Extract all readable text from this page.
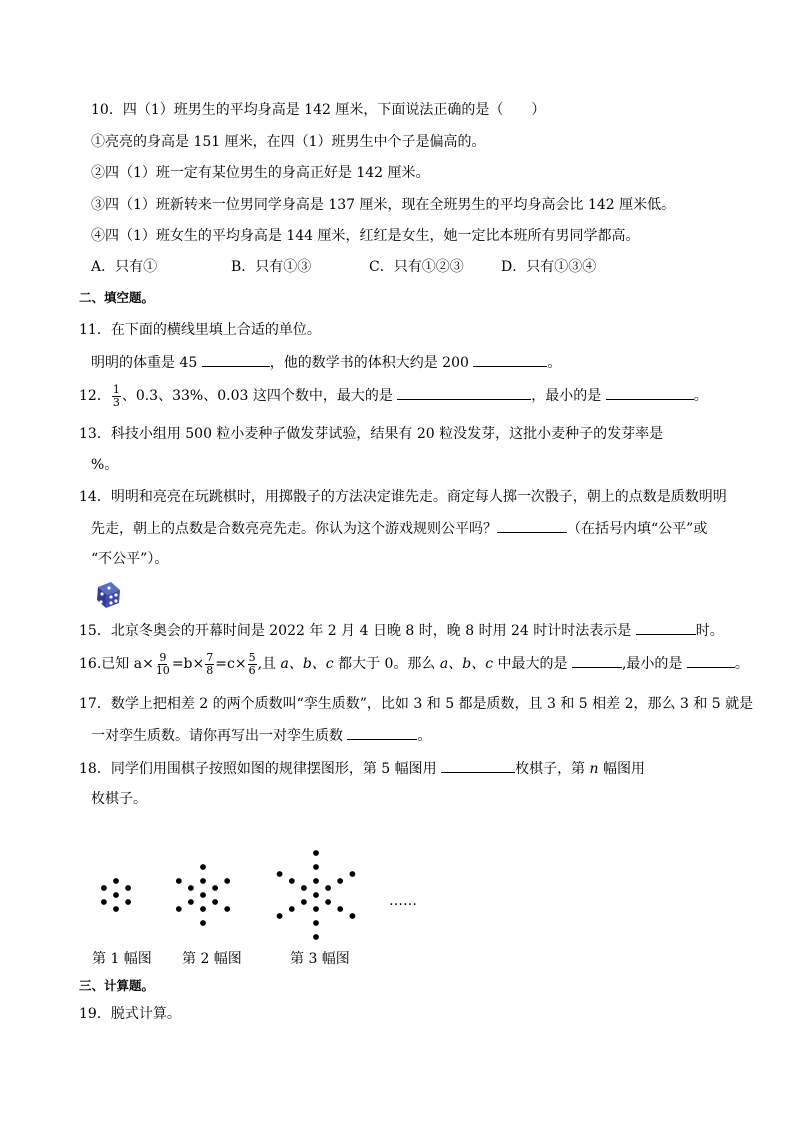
10．四（1）班男生的平均身高是 142 厘米，下面说法正确的是（　　）
①亮亮的身高是 151 厘米，在四（1）班男生中个子是偏高的。
②四（1）班一定有某位男生的身高正好是 142 厘米。
③四（1）班新转来一位男同学身高是 137 厘米，现在全班男生的平均身高会比 142 厘米低。
④四（1）班女生的平均身高是 144 厘米，红红是女生，她一定比本班所有男同学都高。
A．只有①	B．只有①③	C．只有①②③	D．只有①③④
二、填空题。
11．在下面的横线里填上合适的单位。
明明的体重是 45	，他的数学书的体积大约是 200	。
12． $\frac{1}{3}$ 、0.3、33%、0.03 这四个数中，最大的是	，最小的是	。
13．科技小组用 500 粒小麦种子做发芽试验，结果有 20 粒没发芽，这批小麦种子的发芽率是
%。
14．明明和亮亮在玩跳棋时，用掷骰子的方法决定谁先走。商定每人掷一次骰子，朝上的点数是质数明明
先走，朝上的点数是合数亮亮先走。你认为这个游戏规则公平吗？	（在括号内填“公平”或
“不公平”）。
15．北京冬奥会的开幕时间是 2022 年 2 月 4 日晚 8 时，晚 8 时用 24 时计时法表示是	时。
16.已知 $a\times \frac{9}{10} =b\times \frac{7}{8} =c\times \frac{5}{6}$ ,且 a、b、c 都大于 0。那么 a、b、c 中最大的是	,最小的是	。
17．数学上把相差 2 的两个质数叫“孪生质数”，比如 3 和 5 都是质数，且 3 和 5 相差 2，那么 3 和 5 就是
一对孪生质数。请你再写出一对孪生质数	。
18．同学们用围棋子按照如图的规律摆图形，第 5 幅图用	枚棋子，第 n 幅图用
枚棋子。
……
第 1 幅图 第 2 幅图	第 3 幅图
三、计算题。
19．脱式计算。
